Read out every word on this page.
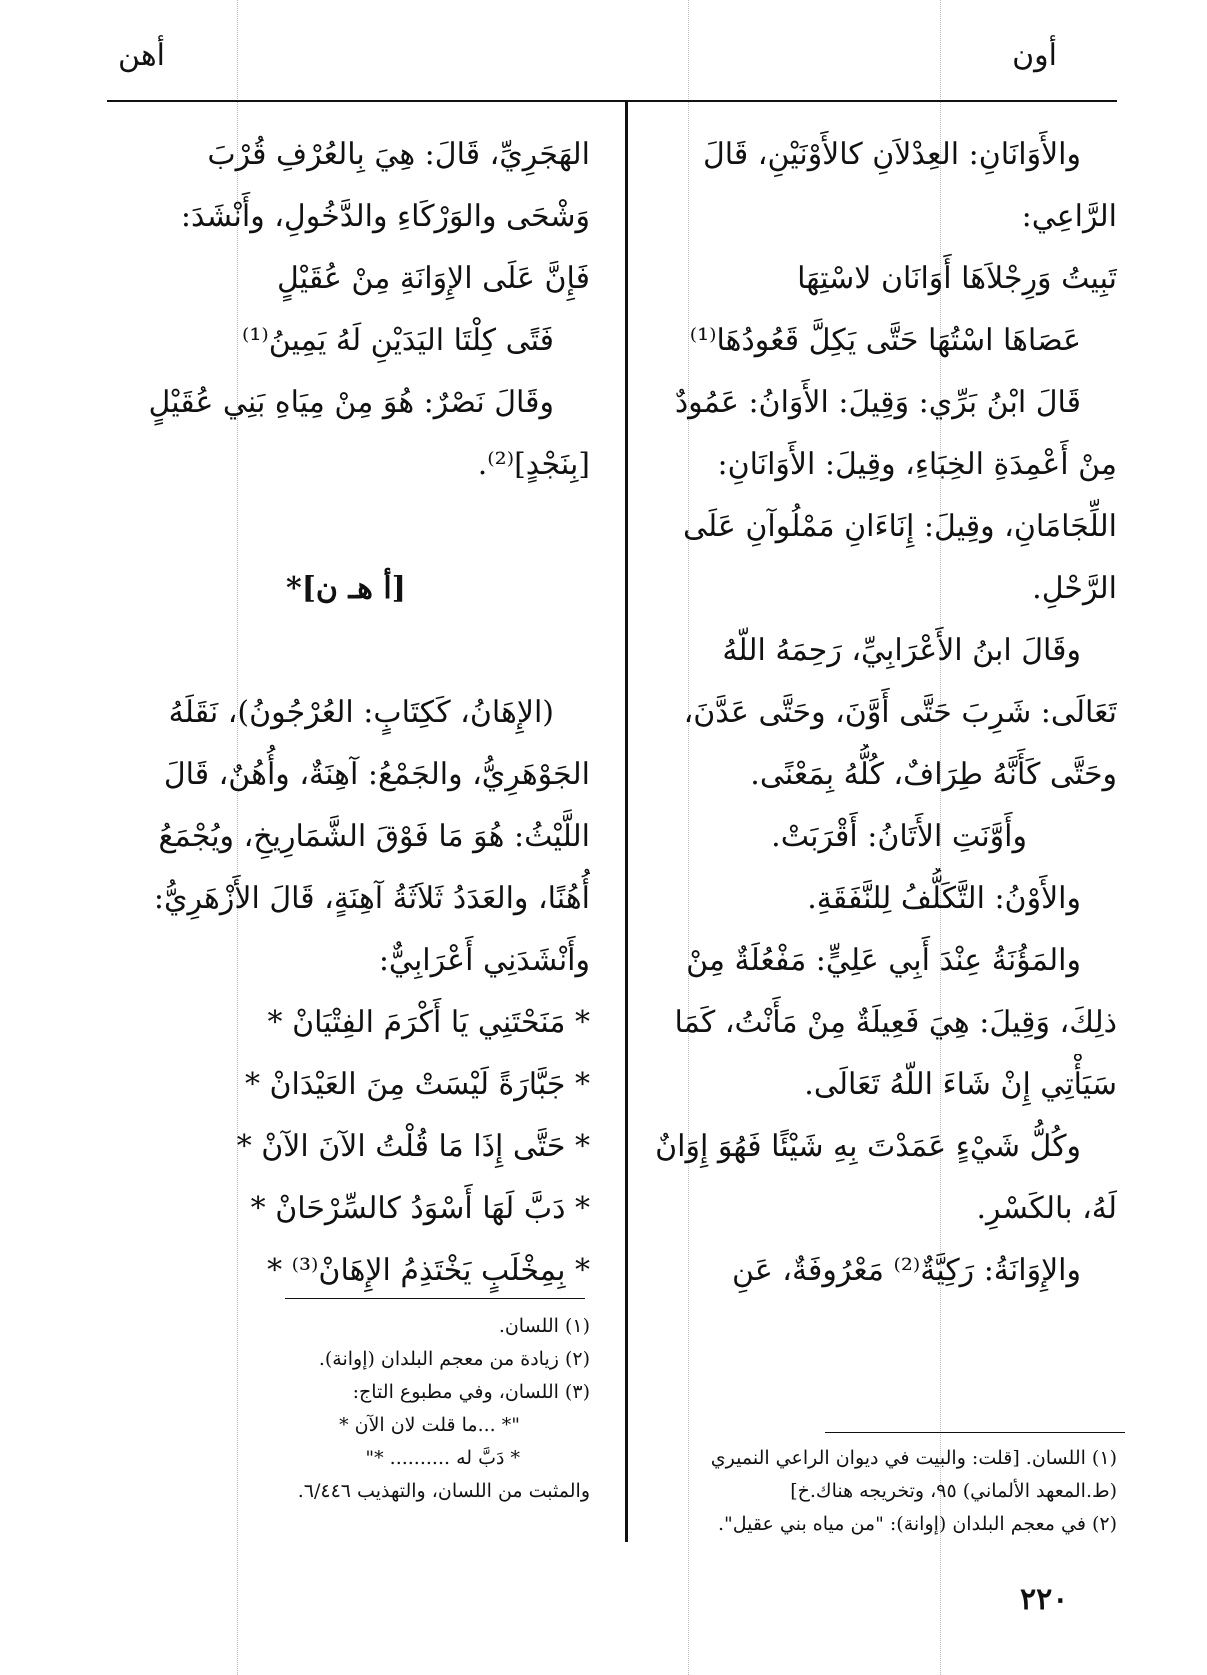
أون
أهن
والأَوَانَانِ: العِدْلاَنِ كالأَوْنَيْنِ، قَالَ
الرَّاعِي:
تَبِيتُ وَرِجْلاَهَا أَوَانَان لاسْتِهَا
عَصَاهَا اسْتُهَا حَتَّى يَكِلَّ قَعُودُهَا⁽¹⁾
قَالَ ابْنُ بَرِّي: وَقِيلَ: الأَوَانُ: عَمُودٌ
مِنْ أَعْمِدَةِ الخِبَاءِ، وقِيلَ: الأَوَانَانِ:
اللِّجَامَانِ، وقِيلَ: إِنَاءَانِ مَمْلُوآنِ عَلَى
الرَّحْلِ.
وقَالَ ابنُ الأَعْرَابِيِّ، رَحِمَهُ اللّهُ
تَعَالَى: شَرِبَ حَتَّى أَوَّنَ، وحَتَّى عَدَّنَ،
وحَتَّى كَأَنَّهُ طِرَافٌ، كُلُّهُ بِمَعْنًى.
وأَوَّنَتِ الأَتَانُ: أَقْرَبَتْ.
والأَوْنُ: التَّكَلُّفُ لِلنَّفَقَةِ.
والمَؤُنَةُ عِنْدَ أَبِي عَلِيٍّ: مَفْعُلَةٌ مِنْ
ذلِكَ، وَقِيلَ: هِيَ فَعِيلَةٌ مِنْ مَأَنْتُ، كَمَا
سَيَأْتِي إِنْ شَاءَ اللّهُ تَعَالَى.
وكُلُّ شَيْءٍ عَمَدْتَ بِهِ شَيْئًا فَهُوَ إِوَانٌ
لَهُ، بالكَسْرِ.
والإِوَانَةُ: رَكِيَّةٌ⁽²⁾ مَعْرُوفَةٌ، عَنِ
الهَجَرِيِّ، قَالَ: هِيَ بِالعُرْفِ قُرْبَ
وَشْحَى والوَرْكَاءِ والدَّخُولِ، وأَنْشَدَ:
فَإِنَّ عَلَى الإِوَانَةِ مِنْ عُقَيْلٍ
فَتًى كِلْتَا اليَدَيْنِ لَهُ يَمِينُ⁽¹⁾
وقَالَ نَصْرٌ: هُوَ مِنْ مِيَاهِ بَنِي عُقَيْلٍ
[بِنَجْدٍ]⁽²⁾.
[أ هـ ن]*
(الإِهَانُ، كَكِتَابٍ: العُرْجُونُ)، نَقَلَهُ
الجَوْهَرِيُّ، والجَمْعُ: آهِنَةٌ، وأُهُنٌ، قَالَ
اللَّيْثُ: هُوَ مَا فَوْقَ الشَّمَارِيخِ، ويُجْمَعُ
أُهُنًا، والعَدَدُ ثَلاَثَةُ آهِنَةٍ، قَالَ الأَزْهَرِيُّ:
وأَنْشَدَنِي أَعْرَابِيٌّ:
* مَنَحْتَنِي يَا أَكْرَمَ الفِتْيَانْ *
* جَبَّارَةً لَيْسَتْ مِنَ العَيْدَانْ *
* حَتَّى إِذَا مَا قُلْتُ الآنَ الآنْ *
* دَبَّ لَهَا أَسْوَدُ كالسِّرْحَانْ *
* بِمِخْلَبٍ يَخْتَذِمُ الإِهَانْ⁽³⁾ *
(١) اللسان.
(٢) زيادة من معجم البلدان (إوانة).
(٣) اللسان، وفي مطبوع التاج:
"* ...ما قلت لان الآن *
* دَبَّ له .......... *"
والمثبت من اللسان، والتهذيب ٦/٤٤٦.
(١) اللسان. [قلت: والبيت في ديوان الراعي النميري
(ط.المعهد الألماني) ٩٥، وتخريجه هناك.خ]
(٢) في معجم البلدان (إوانة): "من مياه بني عقيل".
٢٢٠
